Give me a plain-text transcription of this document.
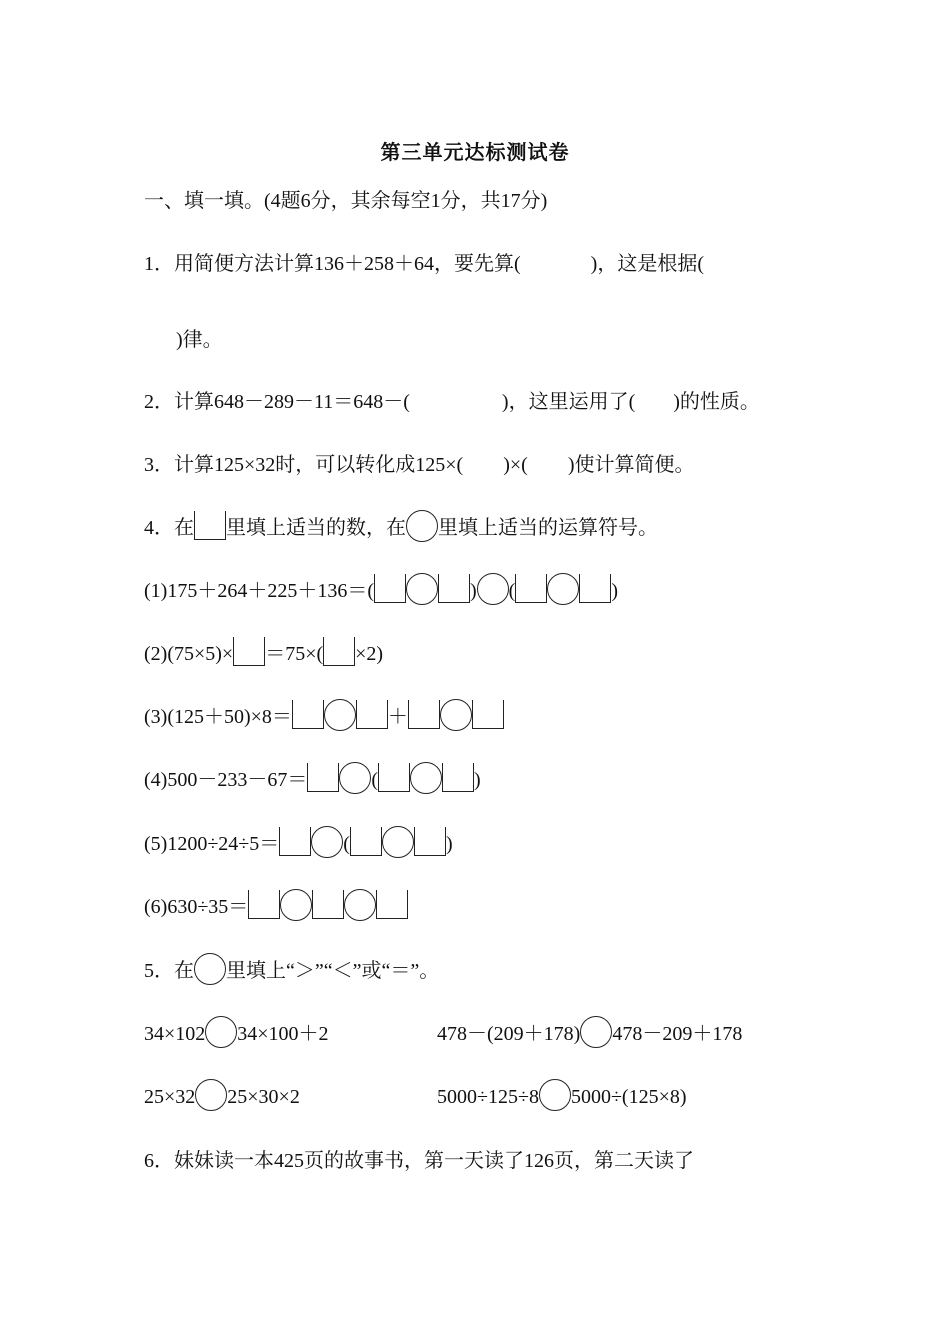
第三单元达标测试卷
一、填一填。(4题6分，其余每空1分，共17分)
1．用简便方法计算136＋258＋64，要先算(	)，这是根据(
)律。
2．计算648－289－11＝648－(	)，这里运用了( )的性质。
3．计算125×32时，可以转化成125×( )×( )使计算简便。
4．在 里填上适当的数，在 里填上适当的运算符号。
(1)175＋264＋225＋136＝(	) (	)
(2)(75×5)× ＝75×( ×2)
(3)(125＋50)×8＝	＋
(4)500－233－67＝	(	)
(5)1200÷24÷5＝	(	)
(6)630÷35＝
5．在 里填上“＞”“＜”或“＝”。
34×102 34×100＋2	478－(209＋178) 478－209＋178
25×32 25×30×2	5000÷125÷8 5000÷(125×8)
6．妹妹读一本425页的故事书，第一天读了126页，第二天读了
